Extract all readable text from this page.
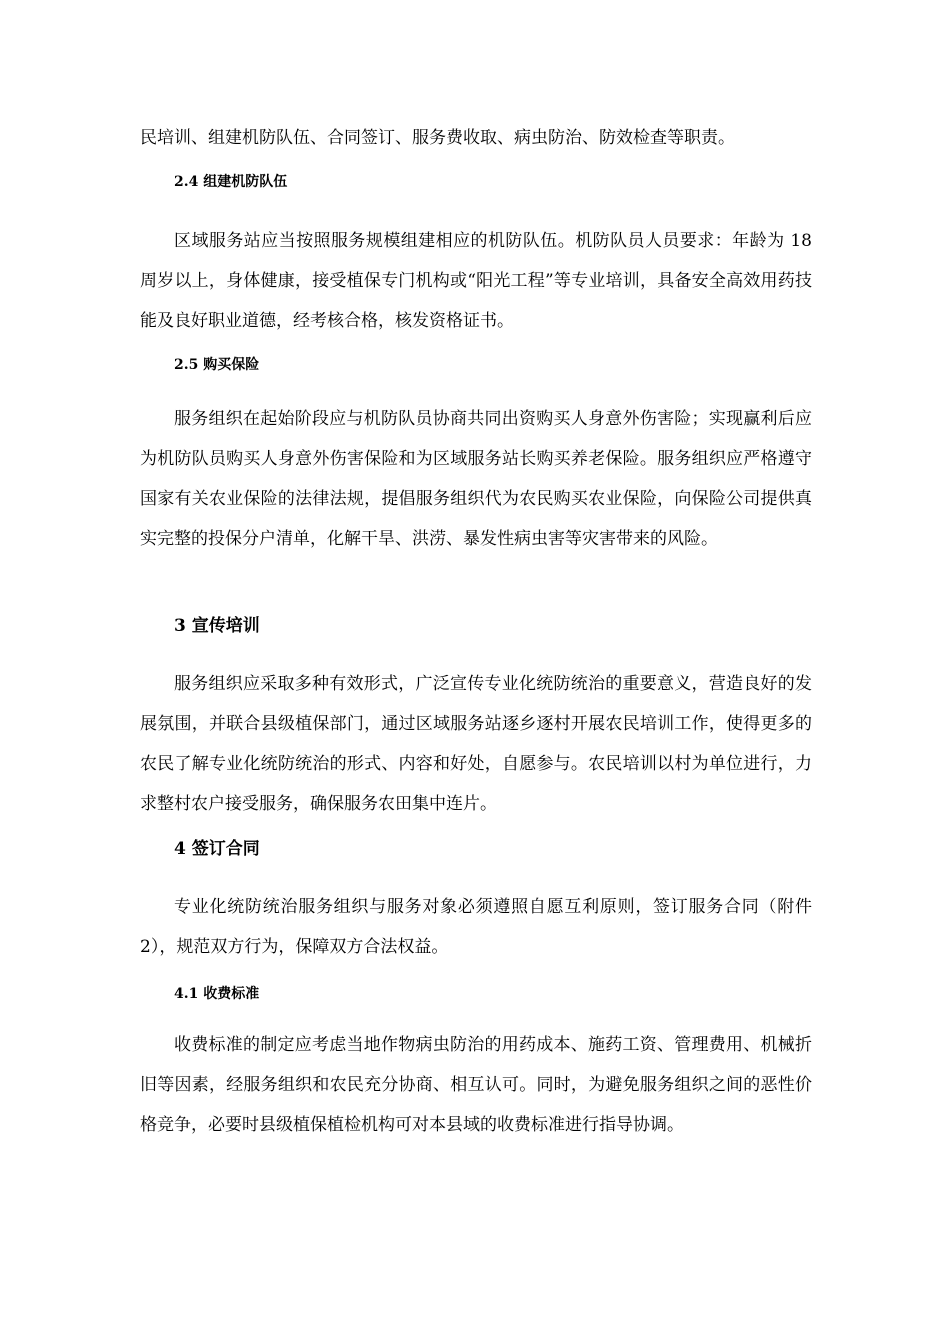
民培训、组建机防队伍、合同签订、服务费收取、病虫防治、防效检查等职责。

2.4 组建机防队伍

区域服务站应当按照服务规模组建相应的机防队伍。机防队员人员要求：年龄为 18 周岁以上，身体健康，接受植保专门机构或“阳光工程”等专业培训，具备安全高效用药技能及良好职业道德，经考核合格，核发资格证书。

2.5 购买保险

服务组织在起始阶段应与机防队员协商共同出资购买人身意外伤害险；实现赢利后应为机防队员购买人身意外伤害保险和为区域服务站长购买养老保险。服务组织应严格遵守国家有关农业保险的法律法规，提倡服务组织代为农民购买农业保险，向保险公司提供真实完整的投保分户清单，化解干旱、洪涝、暴发性病虫害等灾害带来的风险。

3 宣传培训

服务组织应采取多种有效形式，广泛宣传专业化统防统治的重要意义，营造良好的发展氛围，并联合县级植保部门，通过区域服务站逐乡逐村开展农民培训工作，使得更多的农民了解专业化统防统治的形式、内容和好处，自愿参与。农民培训以村为单位进行，力求整村农户接受服务，确保服务农田集中连片。

4 签订合同

专业化统防统治服务组织与服务对象必须遵照自愿互利原则，签订服务合同（附件 2），规范双方行为，保障双方合法权益。

4.1 收费标准

收费标准的制定应考虑当地作物病虫防治的用药成本、施药工资、管理费用、机械折旧等因素，经服务组织和农民充分协商、相互认可。同时，为避免服务组织之间的恶性价格竞争，必要时县级植保植检机构可对本县域的收费标准进行指导协调。
